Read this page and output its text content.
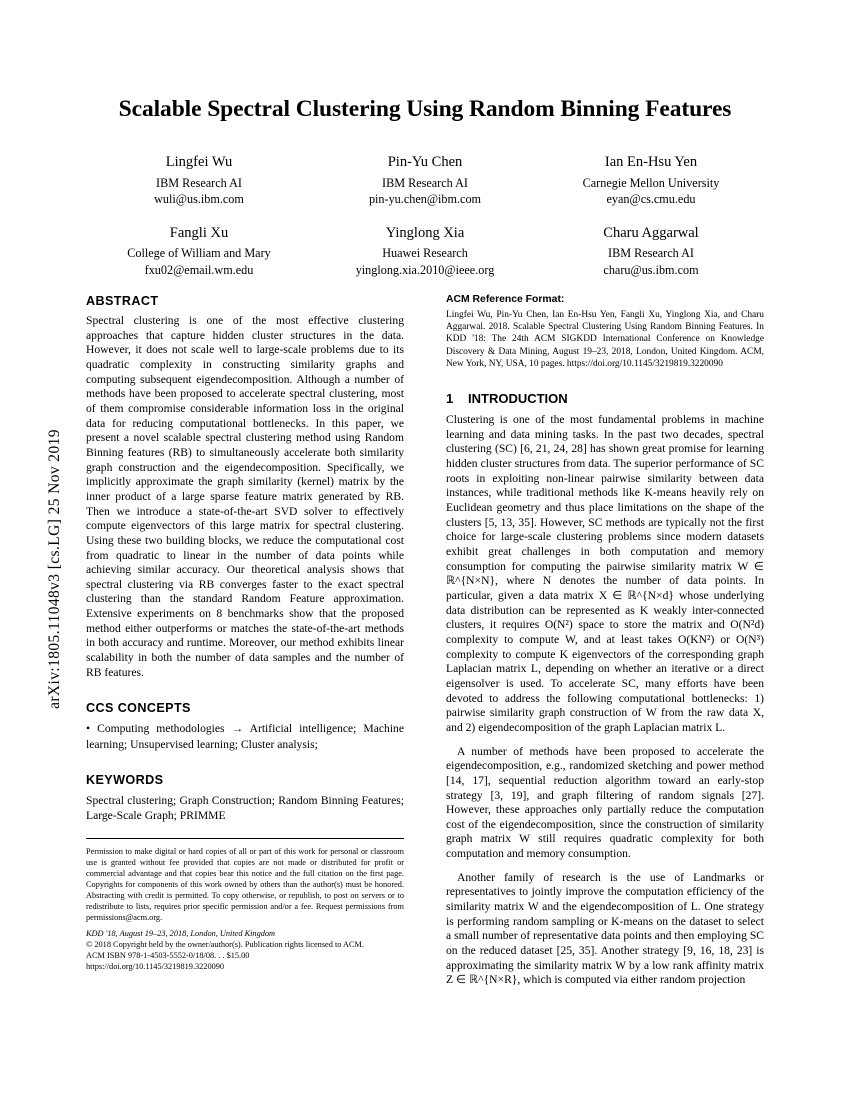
arXiv:1805.11048v3 [cs.LG] 25 Nov 2019
Scalable Spectral Clustering Using Random Binning Features
Lingfei Wu
IBM Research AI
wuli@us.ibm.com
Pin-Yu Chen
IBM Research AI
pin-yu.chen@ibm.com
Ian En-Hsu Yen
Carnegie Mellon University
eyan@cs.cmu.edu
Fangli Xu
College of William and Mary
fxu02@email.wm.edu
Yinglong Xia
Huawei Research
yinglong.xia.2010@ieee.org
Charu Aggarwal
IBM Research AI
charu@us.ibm.com
ABSTRACT

Spectral clustering is one of the most effective clustering approaches that capture hidden cluster structures in the data. However, it does not scale well to large-scale problems due to its quadratic complexity in constructing similarity graphs and computing subsequent eigendecomposition. Although a number of methods have been proposed to accelerate spectral clustering, most of them compromise considerable information loss in the original data for reducing computational bottlenecks. In this paper, we present a novel scalable spectral clustering method using Random Binning features (RB) to simultaneously accelerate both similarity graph construction and the eigendecomposition. Specifically, we implicitly approximate the graph similarity (kernel) matrix by the inner product of a large sparse feature matrix generated by RB. Then we introduce a state-of-the-art SVD solver to effectively compute eigenvectors of this large matrix for spectral clustering. Using these two building blocks, we reduce the computational cost from quadratic to linear in the number of data points while achieving similar accuracy. Our theoretical analysis shows that spectral clustering via RB converges faster to the exact spectral clustering than the standard Random Feature approximation. Extensive experiments on 8 benchmarks show that the proposed method either outperforms or matches the state-of-the-art methods in both accuracy and runtime. Moreover, our method exhibits linear scalability in both the number of data samples and the number of RB features.

CCS CONCEPTS

• Computing methodologies → Artificial intelligence; Machine learning; Unsupervised learning; Cluster analysis;

KEYWORDS

Spectral clustering; Graph Construction; Random Binning Features; Large-Scale Graph; PRIMME

Permission to make digital or hard copies of all or part of this work for personal or classroom use is granted without fee provided that copies are not made or distributed for profit or commercial advantage and that copies bear this notice and the full citation on the first page. Copyrights for components of this work owned by others than the author(s) must be honored. Abstracting with credit is permitted. To copy otherwise, or republish, to post on servers or to redistribute to lists, requires prior specific permission and/or a fee. Request permissions from permissions@acm.org.

KDD '18, August 19–23, 2018, London, United Kingdom

© 2018 Copyright held by the owner/author(s). Publication rights licensed to ACM.

ACM ISBN 978-1-4503-5552-0/18/08. . . $15.00

https://doi.org/10.1145/3219819.3220090

ACM Reference Format:

Lingfei Wu, Pin-Yu Chen, Ian En-Hsu Yen, Fangli Xu, Yinglong Xia, and Charu Aggarwal. 2018. Scalable Spectral Clustering Using Random Binning Features. In KDD '18: The 24th ACM SIGKDD International Conference on Knowledge Discovery & Data Mining, August 19–23, 2018, London, United Kingdom. ACM, New York, NY, USA, 10 pages. https://doi.org/10.1145/3219819.3220090

1 INTRODUCTION

Clustering is one of the most fundamental problems in machine learning and data mining tasks. In the past two decades, spectral clustering (SC) [6, 21, 24, 28] has shown great promise for learning hidden cluster structures from data. The superior performance of SC roots in exploiting non-linear pairwise similarity between data instances, while traditional methods like K-means heavily rely on Euclidean geometry and thus place limitations on the shape of the clusters [5, 13, 35]. However, SC methods are typically not the first choice for large-scale clustering problems since modern datasets exhibit great challenges in both computation and memory consumption for computing the pairwise similarity matrix W ∈ ℝ^{N×N}, where N denotes the number of data points. In particular, given a data matrix X ∈ ℝ^{N×d} whose underlying data distribution can be represented as K weakly inter-connected clusters, it requires O(N²) space to store the matrix and O(N²d) complexity to compute W, and at least takes O(KN²) or O(N³) complexity to compute K eigenvectors of the corresponding graph Laplacian matrix L, depending on whether an iterative or a direct eigensolver is used. To accelerate SC, many efforts have been devoted to address the following computational bottlenecks: 1) pairwise similarity graph construction of W from the raw data X, and 2) eigendecomposition of the graph Laplacian matrix L.

A number of methods have been proposed to accelerate the eigendecomposition, e.g., randomized sketching and power method [14, 17], sequential reduction algorithm toward an early-stop strategy [3, 19], and graph filtering of random signals [27]. However, these approaches only partially reduce the computation cost of the eigendecomposition, since the construction of similarity graph matrix W still requires quadratic complexity for both computation and memory consumption.

Another family of research is the use of Landmarks or representatives to jointly improve the computation efficiency of the similarity matrix W and the eigendecomposition of L. One strategy is performing random sampling or K-means on the dataset to select a small number of representative data points and then employing SC on the reduced dataset [25, 35]. Another strategy [9, 16, 18, 23] is approximating the similarity matrix W by a low rank affinity matrix Z ∈ ℝ^{N×R}, which is computed via either random projection
